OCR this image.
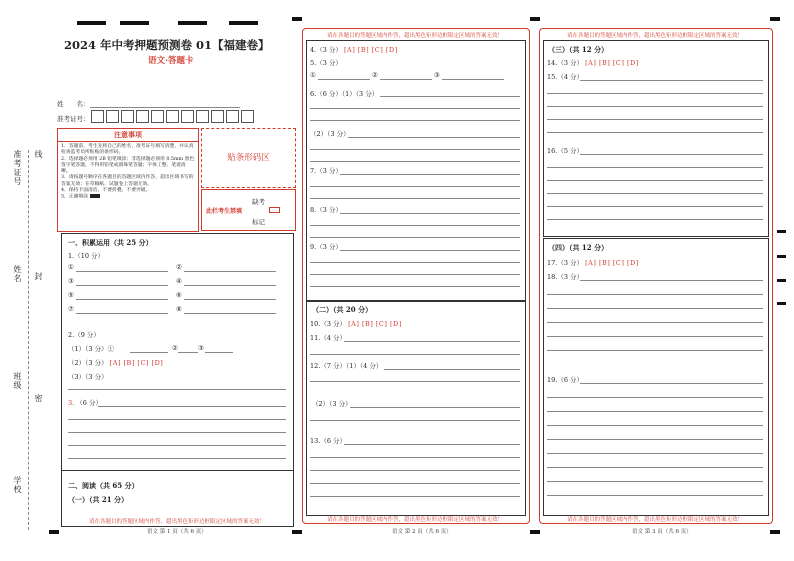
准考证号 线
姓名 封
班级
密
学校
2024 年中考押题预测卷 01【福建卷】
语文·答题卡
姓　　名：
准考证号：
注意事项
1．答题前，考生先将自己的姓名、准考证号填写清楚，并认真检查监考员所粘贴的条形码。
2．选择题必须用 2B 铅笔填涂；非选择题必须用 0.5mm 黑色签字笔答题，不得用铅笔或圆珠笔答题；字体工整、笔迹清晰。
3．请按题号顺序在各题目的答题区域内作答，超出区域书写的答案无效；在草稿纸、试题卷上答题无效。
4．保持卡面清洁，不要折叠、不要弄破。
5．正确填涂
贴条形码区
此栏考生禁填
缺考
标记
一、积累运用（共 25 分）
1.（10 分）
①	②
③	④
⑤	⑥
⑦	⑧
2.（9 分）
（1）（3 分）①	②	③
（2）（3 分） [A] [B] [C] [D]
（3）（3 分）
3. （6 分）
二、阅读（共 65 分）
（一）（共 21 分）
请在各题目的答题区域内作答，超出黑色矩形边框限定区域的答案无效！
语文 第 1 页（共 6 页）
请在各题目的答题区域内作答，超出黑色矩形边框限定区域的答案无效！
4.（3 分） [A] [B] [C] [D]
5.（3 分）
①	②	③
6.（6 分）（1）（3 分）
（2）（3 分）
7.（3 分）
8.（3 分）
9.（3 分）
（二）（共 20 分）
10.（3 分） [A] [B] [C] [D]
11.（4 分）
12.（7 分）（1）（4 分）
（2）（3 分）
13.（6 分）
请在各题目的答题区域内作答，超出黑色矩形边框限定区域的答案无效！
语文 第 2 页（共 6 页）
请在各题目的答题区域内作答，超出黑色矩形边框限定区域的答案无效！
（三）（共 12 分）
14.（3 分） [A] [B] [C] [D]
15.（4 分）
16.（5 分）
（四）（共 12 分）
17.（3 分） [A] [B] [C] [D]
18.（3 分）
19.（6 分）
请在各题目的答题区域内作答，超出黑色矩形边框限定区域的答案无效！
语文 第 3 页（共 6 页）
